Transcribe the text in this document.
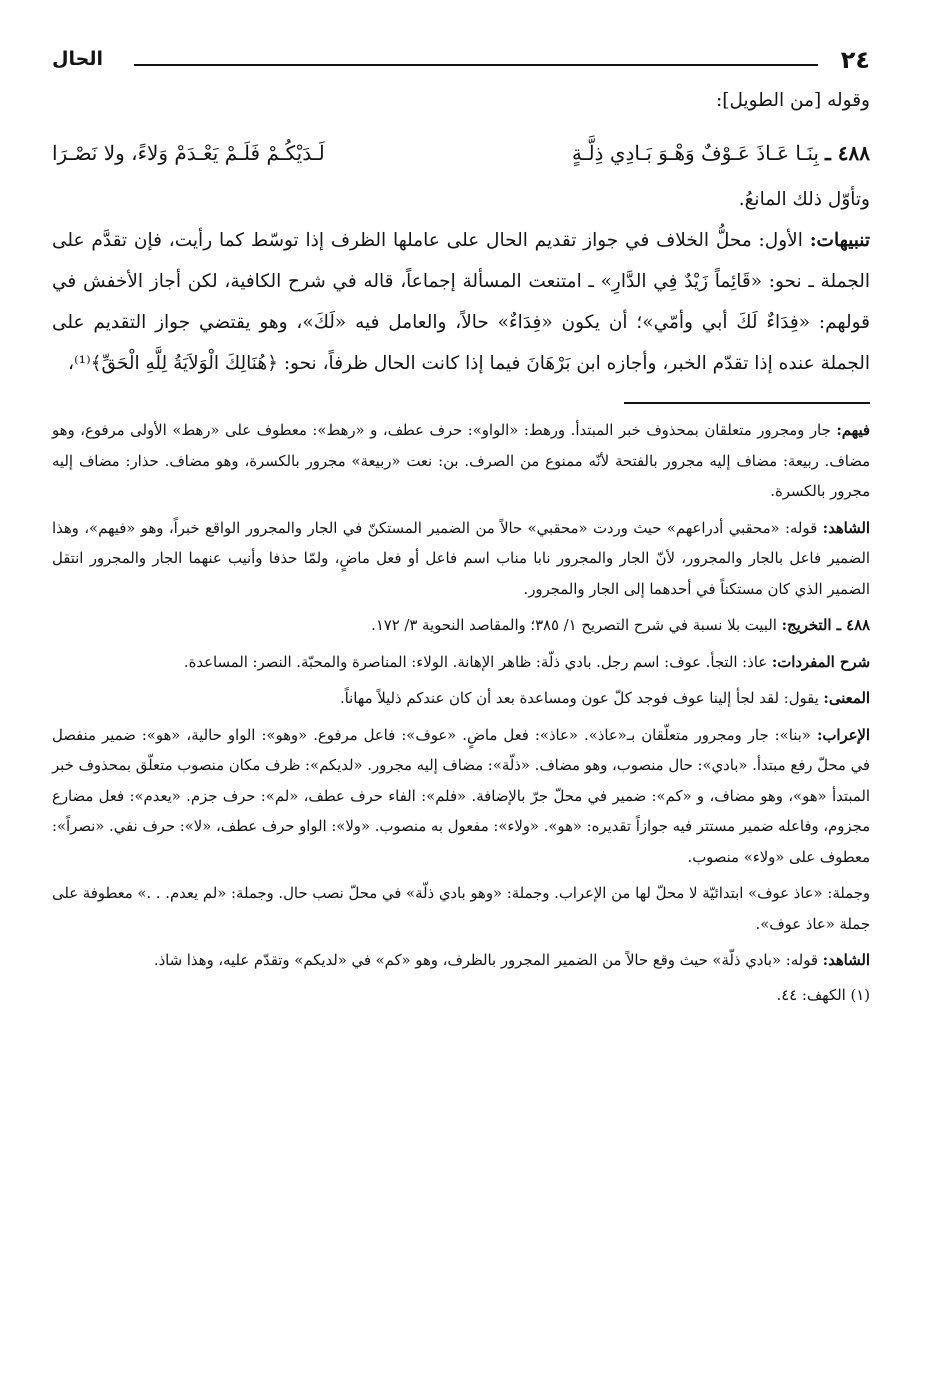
٢٤
الحال

وقوله [من الطويل]:

٤٨٨ ـ
بِنَـا عَـاذَ عَـوْفٌ وَهْـوَ بَـادِي ذِلَّـةٍ
لَـدَيْكُـمْ فَلَـمْ يَعْـدَمْ وَلاءً، ولا نَصْـرَا

وتأوّل ذلك المانعُ.

تنبيهات: الأول: محلُّ الخلاف في جواز تقديم الحال على عاملها الظرف إذا توسّط كما رأيت، فإن تقدَّم على الجملة ـ نحو: «قَائِماً زَيْدٌ فِي الدَّارِ» ـ امتنعت المسألة إجماعاً، قاله في شرح الكافية، لكن أجاز الأخفش في قولهم: «فِدَاءٌ لَكَ أبي وأمّي»؛ أن يكون «فِدَاءٌ» حالاً، والعامل فيه «لَكَ»، وهو يقتضي جواز التقديم على الجملة عنده إذا تقدّم الخبر، وأجازه ابن بَرْهَانَ فيما إذا كانت الحال ظرفاً، نحو: ﴿هُنَالِكَ الْوَلاَيَةُ لِلَّهِ الْحَقِّ﴾⁽¹⁾،

فيهم: جار ومجرور متعلقان بمحذوف خبر المبتدأ. ورهط: «الواو»: حرف عطف، و «رهط»: معطوف على «رهط» الأولى مرفوع، وهو مضاف. ربيعة: مضاف إليه مجرور بالفتحة لأنّه ممنوع من الصرف. بن: نعت «ربيعة» مجرور بالكسرة، وهو مضاف. حذار: مضاف إليه مجرور بالكسرة.

الشاهد: قوله: «محقبي أدراعهم» حيث وردت «محقبي» حالاً من الضمير المستكنّ في الجار والمجرور الواقع خبراً، وهو «فيهم»، وهذا الضمير فاعل بالجار والمجرور، لأنّ الجار والمجرور نابا مناب اسم فاعل أو فعل ماضٍ، ولمّا حذفا وأنيب عنهما الجار والمجرور انتقل الضمير الذي كان مستكناً في أحدهما إلى الجار والمجرور.

٤٨٨ ـ التخريج: البيت بلا نسبة في شرح التصريح ١/ ٣٨٥؛ والمقاصد النحوية ٣/ ١٧٢.

شرح المفردات: عاذ: التجأ. عوف: اسم رجل. بادي ذلّة: ظاهر الإهانة. الولاء: المناصرة والمحبّة. النصر: المساعدة.

المعنى: يقول: لقد لجأ إلينا عوف فوجد كلّ عون ومساعدة بعد أن كان عندكم ذليلاً مهاناً.

الإعراب: «بنا»: جار ومجرور متعلّقان بـ«عاذ». «عاذ»: فعل ماضٍ. «عوف»: فاعل مرفوع. «وهو»: الواو حالية، «هو»: ضمير منفصل في محلّ رفع مبتدأ. «بادي»: حال منصوب، وهو مضاف. «ذلّة»: مضاف إليه مجرور. «لديكم»: ظرف مكان منصوب متعلّق بمحذوف خبر المبتدأ «هو»، وهو مضاف، و «كم»: ضمير في محلّ جرّ بالإضافة. «فلم»: الفاء حرف عطف، «لم»: حرف جزم. «يعدم»: فعل مضارع مجزوم، وفاعله ضمير مستتر فيه جوازاً تقديره: «هو». «ولاء»: مفعول به منصوب. «ولا»: الواو حرف عطف، «لا»: حرف نفي. «نصراً»: معطوف على «ولاء» منصوب.

وجملة: «عاذ عوف» ابتدائيّة لا محلّ لها من الإعراب. وجملة: «وهو بادي ذلّة» في محلّ نصب حال. وجملة: «لم يعدم. . .» معطوفة على جملة «عاذ عوف».

الشاهد: قوله: «بادي ذلّة» حيث وقع حالاً من الضمير المجرور بالظرف، وهو «كم» في «لديكم» وتقدّم عليه، وهذا شاذ.

(١) الكهف: ٤٤.
